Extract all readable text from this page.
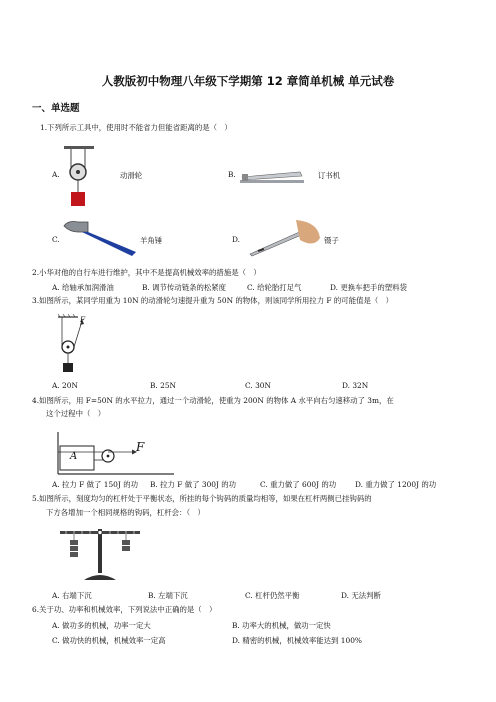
人教版初中物理八年级下学期第 12 章简单机械 单元试卷
一、单选题
1.下列所示工具中，使用时不能省力但能省距离的是（　）
A.	动滑轮	B.	订书机
C.	羊角锤	D.	镊子
2.小华对他的自行车进行维护，其中不是提高机械效率的措施是（　）
A. 给轴承加润滑油	B. 调节传动链条的松紧度	C. 给轮胎打足气	D. 更换车把手的塑料袋
3.如图所示，某同学用重为 10N 的动滑轮匀速提升重为 50N 的物体，则该同学所用拉力 F 的可能值是（　）
F
A. 20N	B. 25N	C. 30N	D. 32N
4.如图所示，用 F=50N 的水平拉力，通过一个动滑轮，使重为 200N 的物体 A 水平向右匀速移动了 3m，在
这个过程中（　）
A
F
A. 拉力 F 做了 150J 的功 B. 拉力 F 做了 300J 的功	C. 重力做了 600J 的功	D. 重力做了 1200J 的功
5.如图所示，刻度均匀的杠杆处于平衡状态，所挂的每个钩码的质量均相等，如果在杠杆两侧已挂钩码的
下方各增加一个相同规格的钩码，杠杆会：（　）
A. 右端下沉	B. 左端下沉	C. 杠杆仍然平衡	D. 无法判断
6.关于功、功率和机械效率，下列说法中正确的是（　）
A. 做功多的机械，功率一定大	B. 功率大的机械，做功一定快
C. 做功快的机械，机械效率一定高	D. 精密的机械，机械效率能达到 100%
